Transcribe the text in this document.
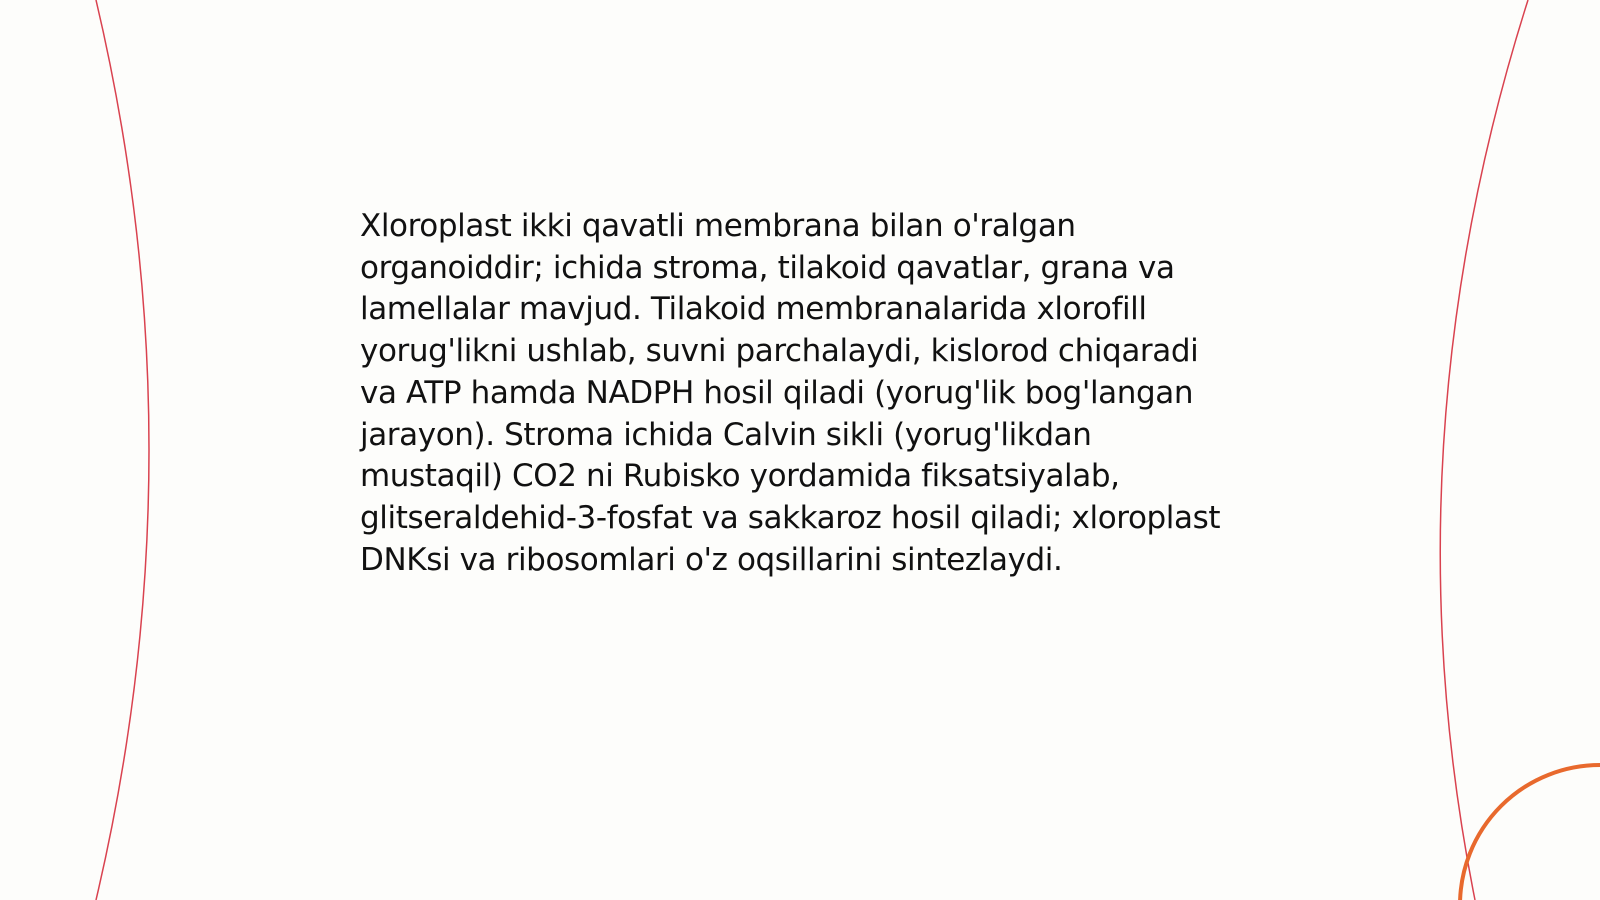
Xloroplast ikki qavatli membrana bilan o'ralgan organoiddir; ichida stroma, tilakoid qavatlar, grana va lamellalar mavjud. Tilakoid membranalarida xlorofill yorug'likni ushlab, suvni parchalaydi, kislorod chiqaradi va ATP hamda NADPH hosil qiladi (yorug'lik bog'langan jarayon). Stroma ichida Calvin sikli (yorug'likdan mustaqil) CO2 ni Rubisko yordamida fiksatsiyalab, glitseraldehid-3-fosfat va sakkaroz hosil qiladi; xloroplast DNKsi va ribosomlari o'z oqsillarini sintezlaydi.
